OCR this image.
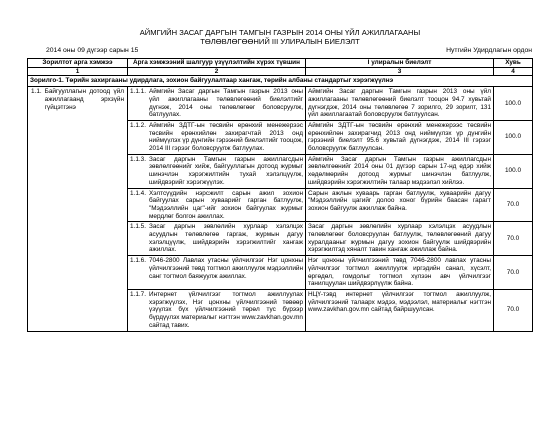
АЙМГИЙН ЗАСАГ ДАРГЫН ТАМГЫН ГАЗРЫН 2014 ОНЫ ҮЙЛ АЖИЛЛАГААНЫ
ТӨЛӨВЛӨГӨӨНИЙ III УЛИРАЛЫН БИЕЛЭЛТ
2014 оны 09 дүгээр сарын 15	Нутгийн Удирдлагын ордон
Зорилтот арга хэмжээ	Арга хэмжээний шалгуур үзүүлэлтийн хүрэх түвшин	I улиралын биелэлт	Хувь
1	2	3	4
Зорилго-1. Төрийн захиргааны удирдлага, зохион байгуулалтаар хангаж, төрийн албаны стандартыг хэрэгжүүлнэ			

1.1. Байгууллагын дотоод үйл ажиллагаанд эрхзүйн гүйцэтгэнэ	1.1.1. Аймгийн Засаг даргын Тамгын газрын 2013 оны үйл ажиллагааны төлөвлөгөөний биелэлтийг дүгнэж, 2014 оны төлөвлөгөөг боловсруулж, батлуулах.	Аймгийн Засаг даргын Тамгын газрын 2013 оны үйл ажиллагааны төлөвлөгөөний биелэлт тооцон 94.7 хувьтай дүгнэгдэж, 2014 оны төлөвлөгөө 7 зорилго, 29 зорилт, 131 үйл ажиллагаатай боловсруулж батлуулсан.	100.0

	1.1.2. Аймгийн ЗДТГ-ын төсвийн ерөнхий менежерээс төсвийн ерөнхийлөн захирагчтай 2013 онд ниймүүлэх үр дүнгийн гэрээний биелэлтийг тооцож, 2014 III гэрээг боловсруулж батлуулах.	Аймгийн ЗДТГ-ын төсвийн ерөнхий менежерээс төсвийн ерөнхийлөн захирагчид 2013 онд ниймүүлэх үр дүнгийн гэрээний биелэлт 95.6 хувьтай дүгнэгдэж, 2014 III гэрээг боловсруулж батлуулсан.	100.0

	1.1.3. Засаг даргын Тамгын газрын ажиллагсдын зөвлөлгөөнийг хийж, байгууллагын дотоод журмыг шинэчлэн хэрэгжилтийн тухай хэлэлцүүлж, шийдвэрийг хэрэгжүүлэх.	Аймгийн Засаг даргын Тамгын газрын ажиллагсдын зөвлөлгөөнийг 2014 оны 01 дүгээр сарын 17-нд едэр хийж хөдөлмөрийн дотоод журмыг шинэчлэн батлуулж, шийдвэрийн хэрэгжилтийн талаар мэдээлэл хийлээ.	100.0

	1.1.4. Хэлтсүүдийн нэрсжилт сарын ажил зохион байгуулах сарын хуваарийг гарган батлуулж, "Мэдээллийн цаг"-ийг зохион байгуулах журмыг мердлөг болгон ажиллах.	Сарын ажлын хуваарь гарган батлуулж, хуваарийн дагуу "Мэдээллийн цагийг долоо хоног бүрийн баасан гарагт зохион байгуулж ажиллаж байна.	70.0

	1.1.5. Засаг даргын зөвлөлийн хурлаар хэлэлцэх асуудлын төлөвлөгөө гаргаж, журмын дагуу хэлэлцүүлж, шийдвэрийн хэрэгжилтийг хангаж ажиллах.	Засаг даргын зөвлөлийн хурлаар хэлэлцэх асуудлын төлөвлөгөөг боловсруулан батлуулж, төлөвлөгөөний дагуу хуралдааныг журмын дагуу зохион байгуулж шийдвэрийн хэрэгжилтэд хяналт тавин хангаж ажиллаж байна.	70.0

	1.1.6. 7046-2800 Лавлах утасны үйлчилгээг Нэг цонхны үйлчилгээний төвд тогтмол ажиллуулж мэдээллийн санг тогтмол баяжуулж ажиллах.	Нэг цонхны үйлчилгээний төвд 7046-2800 лавлах утасны үйлчилгээг тогтмол ажиллуулж иргэдийн санал, хүсэлт, өргөдөл, гомдолыг тогтмол хүлээн авч үйлчилгээг танилцуулан шийдвэрлүүлж байна.	70.0

	1.1.7. Интернет үйлчилгээг тогтмол ажиллуулах хэрэгжүүлэх, Нэг цонхны үйлчилгээний төвөөр үзүүлэх бүх үйлчилгээний төрөл тус бүрээр бүрдүүлэх материалыг нэгтгэн www.zavkhan.gov.mn сайтад тавих.	НЦҮ-тэвд интернет үйлчилгээг тогтмол ажиллуулж, үйлчилгээний талаарх мэдээ, мэдээлэл, материалыг нэгтгэн www.zavkhan.gov.mn сайтад байршуулсан.	70.0
